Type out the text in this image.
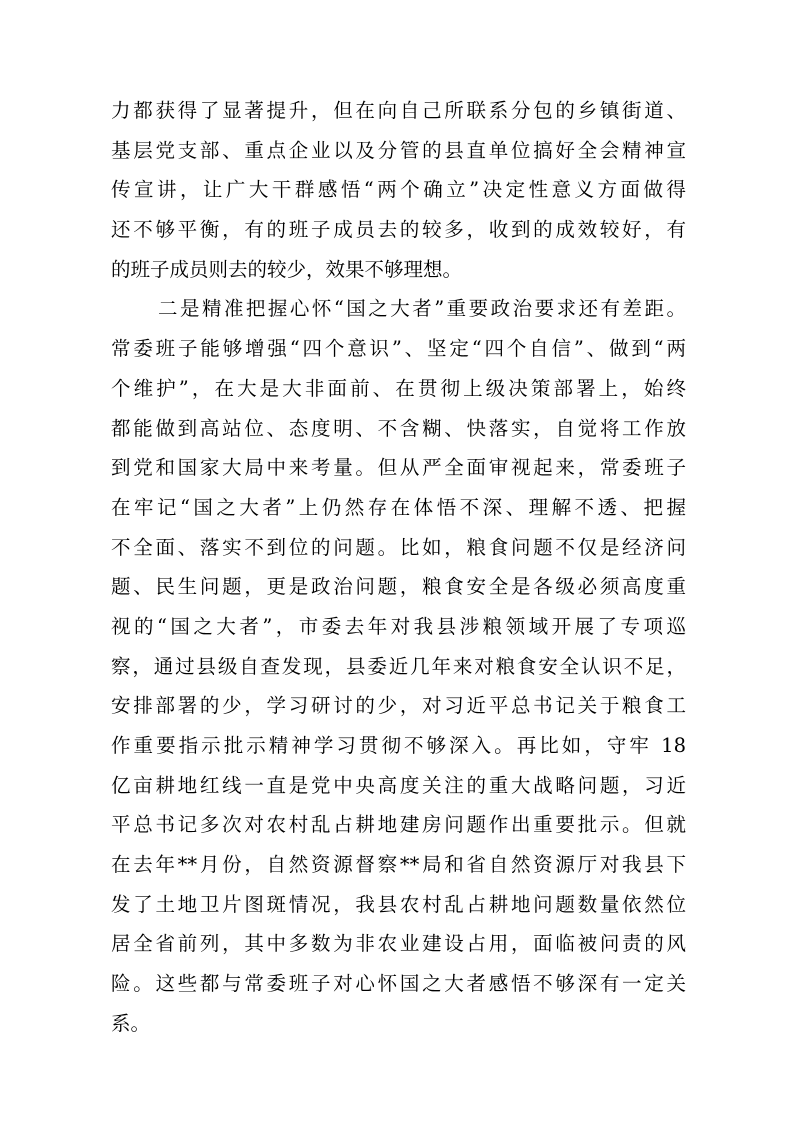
力都获得了显著提升，但在向自己所联系分包的乡镇街道、
基层党支部、重点企业以及分管的县直单位搞好全会精神宣
传宣讲，让广大干群感悟“两个确立”决定性意义方面做得
还不够平衡，有的班子成员去的较多，收到的成效较好，有
的班子成员则去的较少，效果不够理想。
二是精准把握心怀“国之大者”重要政治要求还有差距。
常委班子能够增强“四个意识”、坚定“四个自信”、做到“两
个维护”，在大是大非面前、在贯彻上级决策部署上，始终
都能做到高站位、态度明、不含糊、快落实，自觉将工作放
到党和国家大局中来考量。但从严全面审视起来，常委班子
在牢记“国之大者”上仍然存在体悟不深、理解不透、把握
不全面、落实不到位的问题。比如，粮食问题不仅是经济问
题、民生问题，更是政治问题，粮食安全是各级必须高度重
视的“国之大者”，市委去年对我县涉粮领域开展了专项巡
察，通过县级自查发现，县委近几年来对粮食安全认识不足，
安排部署的少，学习研讨的少，对习近平总书记关于粮食工
作重要指示批示精神学习贯彻不够深入。再比如，守牢 18
亿亩耕地红线一直是党中央高度关注的重大战略问题，习近
平总书记多次对农村乱占耕地建房问题作出重要批示。但就
在去年**月份，自然资源督察**局和省自然资源厅对我县下
发了土地卫片图斑情况，我县农村乱占耕地问题数量依然位
居全省前列，其中多数为非农业建设占用，面临被问责的风
险。这些都与常委班子对心怀国之大者感悟不够深有一定关
系。
